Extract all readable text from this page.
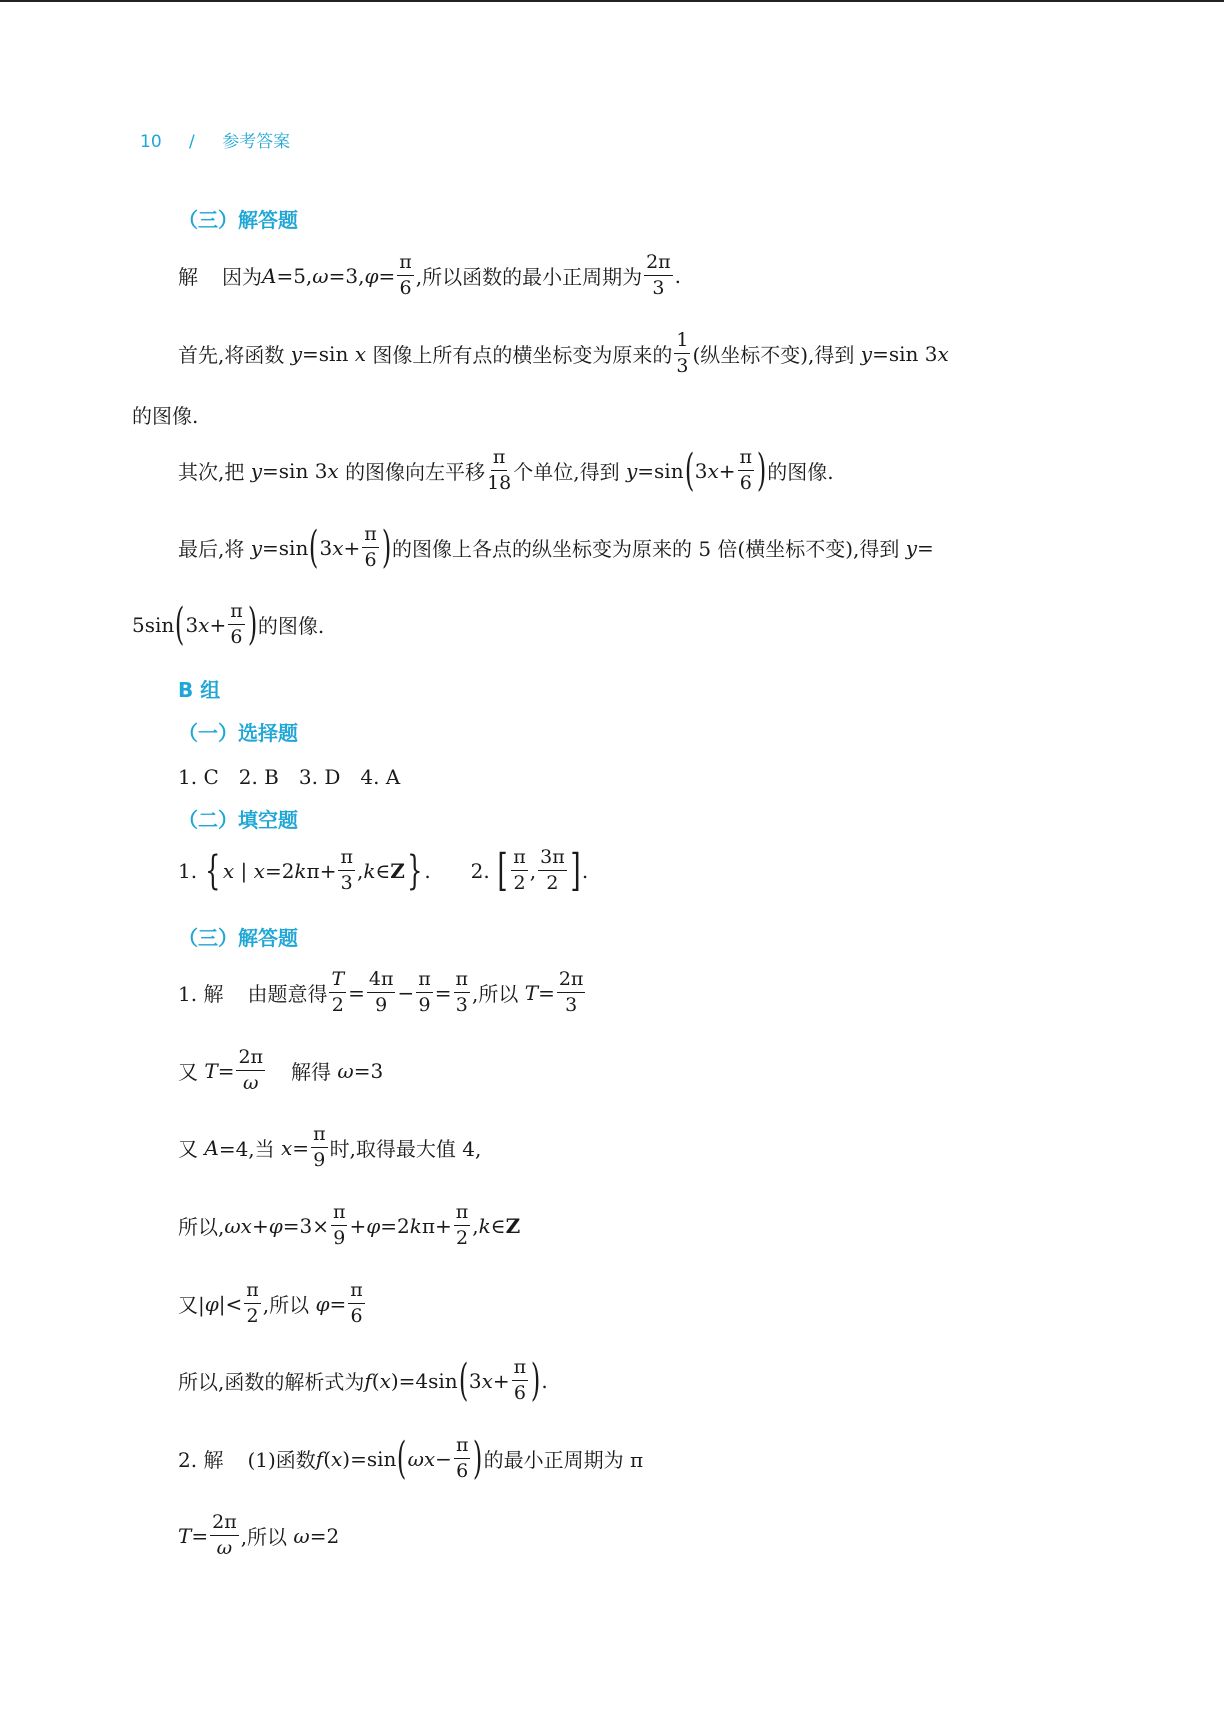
10 / 参考答案
（三）解答题
解 因为 A =5, ω =3, $\varphi = \frac{\pi}{6}$ ,所以函数的最小正周期为 $\frac{2\pi}{3}$ .
首先,将函数
y =sin
x
图像上所有点的横坐标变为原来的 $\frac{1}{3}$ (纵坐标不变),得到
y =sin 3 x
的图像.
其次,把
y =sin 3 x
的图像向左平移 $\frac{\pi}{18}$ 个单位,得到
y =sin ( 3 $x + \frac{\pi}{6}$ ) 的图像.
最后,将
y =sin ( 3 $x + \frac{\pi}{6}$ ) 的图像上各点的纵坐标变为原来的 5 倍(横坐标不变),得到
y =
5sin ( 3 $x + \frac{\pi}{6}$ ) 的图像.
B 组
（一）选择题
1. C　2. B　3. D　4. A
（二）填空题
1.
{ x
|
x =2 k $\pi+ \frac{\pi}{3}$ , k ∈ Z } . 2.
[ $\frac{\pi}{2}$ , $\frac{3\pi}{2}$ ] .
（三）解答题
1. 解 由题意得 $\frac{T}{2} = \frac{4\pi}{9} - \frac{\pi}{9} = \frac{\pi}{3}$ ,所以
$T = \frac{2\pi}{3}$
又
$T = \frac{2\pi}{\omega}$ 解得
ω =3
又
A =4,当
$x = \frac{\pi}{9}$ 时,取得最大值 4,
所以, $\omega x + \varphi =3\times \frac{\pi}{9} + \varphi =2$ k $\pi+ \frac{\pi}{2}$ , k ∈ Z
又| φ |< $\frac{\pi}{2}$ ,所以
$\varphi = \frac{\pi}{6}$
所以,函数的解析式为 f ( x )=4sin ( 3 $x + \frac{\pi}{6}$ ) .
2. 解 (1)函数 f ( x )=sin ( $\omega x - \frac{\pi}{6}$ ) 的最小正周期为 π
$T = \frac{2\pi}{\omega}$ ,所以
ω =2
